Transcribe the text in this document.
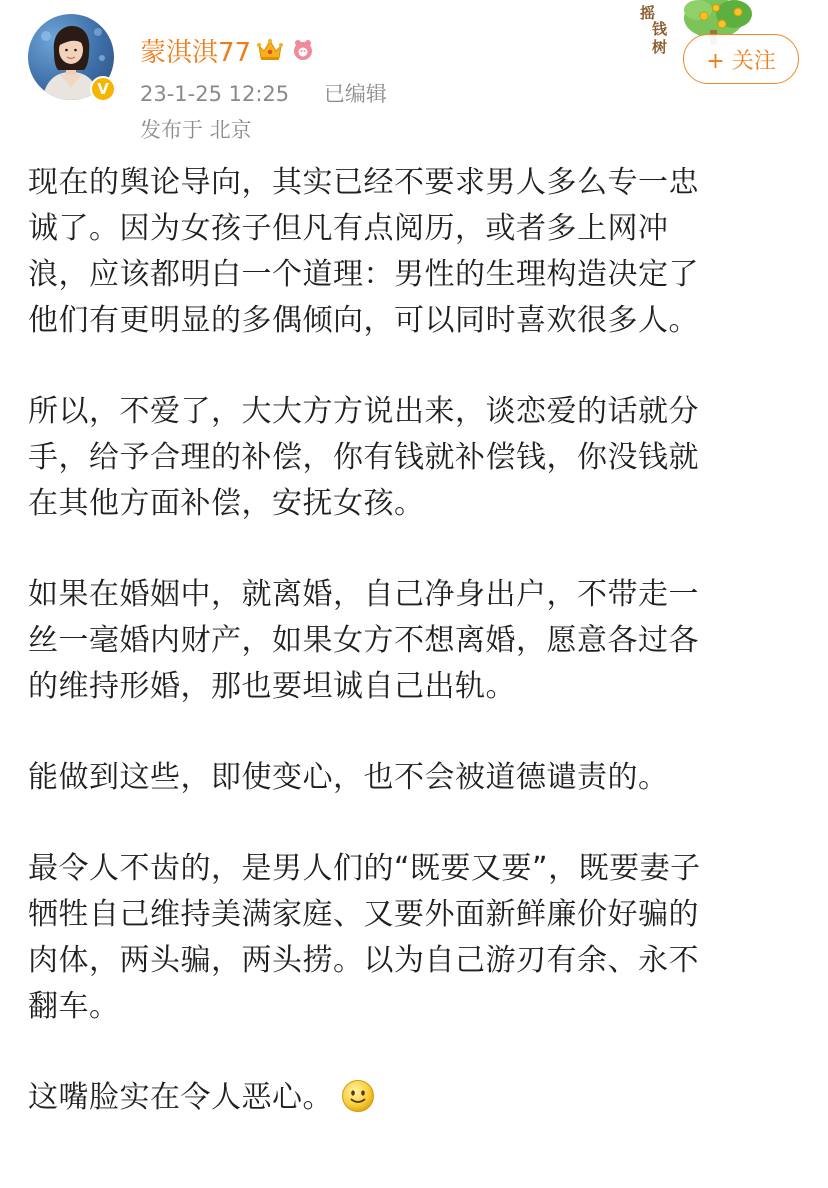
V
蒙淇淇77
23-1-25 12:25 已编辑
发布于 北京
摇
钱
树
+ 关注

现在的舆论导向，其实已经不要求男人多么专一忠
诚了。因为女孩子但凡有点阅历，或者多上网冲
浪，应该都明白一个道理：男性的生理构造决定了
他们有更明显的多偶倾向，可以同时喜欢很多人。

所以，不爱了，大大方方说出来，谈恋爱的话就分
手，给予合理的补偿，你有钱就补偿钱，你没钱就
在其他方面补偿，安抚女孩。

如果在婚姻中，就离婚，自己净身出户，不带走一
丝一毫婚内财产，如果女方不想离婚，愿意各过各
的维持形婚，那也要坦诚自己出轨。

能做到这些，即使变心，也不会被道德谴责的。

最令人不齿的，是男人们的“既要又要”，既要妻子
牺牲自己维持美满家庭、又要外面新鲜廉价好骗的
肉体，两头骗，两头捞。以为自己游刃有余、永不
翻车。

这嘴脸实在令人恶心。
